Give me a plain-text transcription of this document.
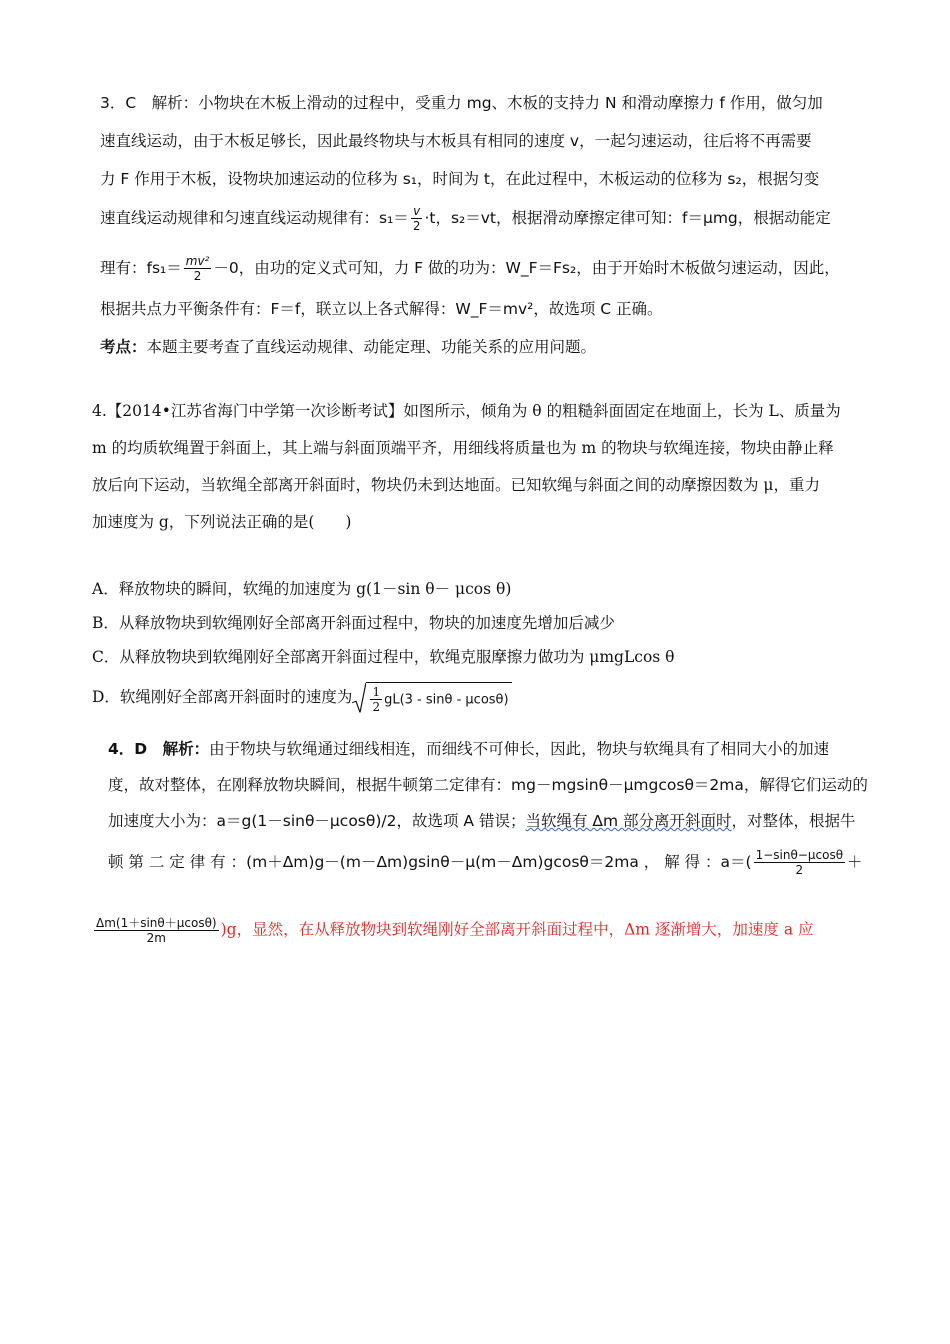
3．C　解析：小物块在木板上滑动的过程中，受重力 mg、木板的支持力 N 和滑动摩擦力 f 作用，做匀加
速直线运动，由于木板足够长，因此最终物块与木板具有相同的速度 v，一起匀速运动，往后将不再需要
力 F 作用于木板，设物块加速运动的位移为 s₁，时间为 t，在此过程中，木板运动的位移为 s₂，根据匀变
速直线运动规律和匀速直线运动规律有：$s_1= \frac{v}{2} \cdot t$，s₂＝vt，根据滑动摩擦定律可知：f＝μmg，根据动能定
理有：$fs_1= \frac{\text{mv²}}{2} -0$，由功的定义式可知，力 F 做的功为：W_F＝Fs₂，由于开始时木板做匀速运动，因此，
根据共点力平衡条件有：F＝f，联立以上各式解得：W_F＝mv²，故选项 C 正确。
考点：本题主要考查了直线运动规律、动能定理、功能关系的应用问题。
4.【2014•江苏省海门中学第一次诊断考试】如图所示，倾角为 θ 的粗糙斜面固定在地面上，长为 L、质量为
m 的均质软绳置于斜面上，其上端与斜面顶端平齐，用细线将质量也为 m 的物块与软绳连接，物块由静止释
放后向下运动，当软绳全部离开斜面时，物块仍未到达地面。已知软绳与斜面之间的动摩擦因数为 μ，重力
加速度为 g，下列说法正确的是(　　)
A．释放物块的瞬间，软绳的加速度为 g(1－sin θ－ μcos θ)
B．从释放物块到软绳刚好全部离开斜面过程中，物块的加速度先增加后减少
C．从释放物块到软绳刚好全部离开斜面过程中，软绳克服摩擦力做功为 μmgLcos θ
D．软绳刚好全部离开斜面时的速度为 $\frac{1}{2} gL(3$ - sinθ - μcosθ)
4．D　解析：由于物块与软绳通过细线相连，而细线不可伸长，因此，物块与软绳具有了相同大小的加速
度，故对整体，在刚释放物块瞬间，根据牛顿第二定律有：mg－mgsinθ－μmgcosθ＝2ma，解得它们运动的
加速度大小为：a＝g(1－sinθ－μcosθ)/2，故选项 A 错误；当软绳有 Δm 部分离开斜面时，对整体，根据牛
顿 第 二 定 律 有 ：(m＋Δm)g－(m－Δm)gsinθ－μ(m－Δm)gcosθ＝2ma ， 解 得 ：$a=( \frac{1-\sin\theta-\mu\cos\theta}{2}$ ＋
$\frac{\Delta m(1+\sin\theta+\mu\cos\theta)}{2m} )g$，显然，在从释放物块到软绳刚好全部离开斜面过程中，Δm 逐渐增大，加速度 a 应
